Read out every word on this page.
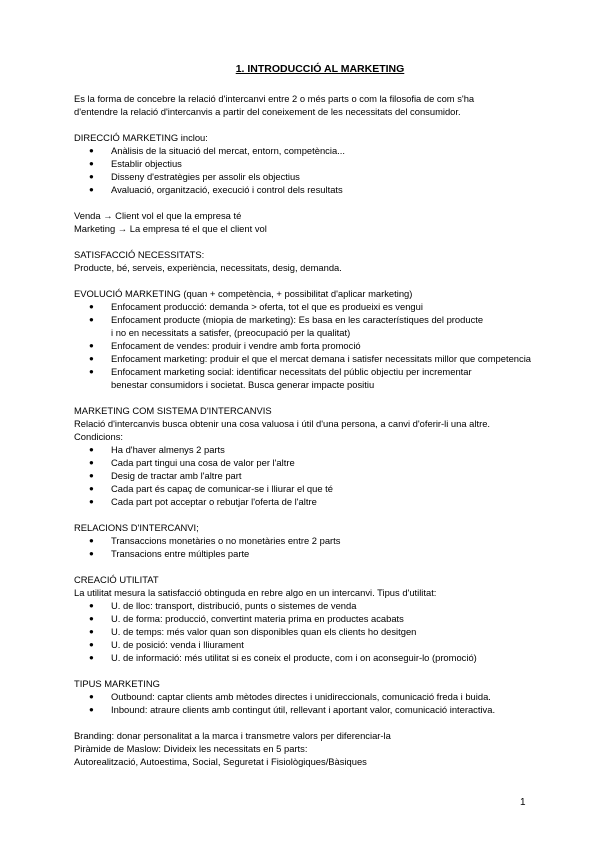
1. INTRODUCCIÓ AL MARKETING

Es la forma de concebre la relació d'intercanvi entre 2 o més parts o com la filosofia de com s'ha

d'entendre la relació d'intercanvis a partir del coneixement de les necessitats del consumidor.

DIRECCIÓ MARKETING inclou:

● Anàlisis de la situació del mercat, entorn, competència...
● Establir objectius
● Disseny d'estratègies per assolir els objectius
● Avaluació, organització, execució i control dels resultats

Venda → Client vol el que la empresa té

Marketing → La empresa té el que el client vol

SATISFACCIÓ NECESSITATS:

Producte, bé, serveis, experiència, necessitats, desig, demanda.

EVOLUCIÓ MARKETING (quan + competència, + possibilitat d'aplicar marketing)

● Enfocament producció: demanda > oferta, tot el que es produeixi es vengui
● Enfocament producte (miopia de marketing): Es basa en les característiques del producte
i no en necessitats a satisfer, (preocupació per la qualitat)
● Enfocament de vendes: produir i vendre amb forta promoció
● Enfocament marketing: produir el que el mercat demana i satisfer necessitats millor que competencia
● Enfocament marketing social: identificar necessitats del públic objectiu per incrementar
benestar consumidors i societat. Busca generar impacte positiu

MARKETING COM SISTEMA D'INTERCANVIS

Relació d'intercanvis busca obtenir una cosa valuosa i útil d'una persona, a canvi d'oferir-li una altre.

Condicions:

● Ha d'haver almenys 2 parts
● Cada part tingui una cosa de valor per l'altre
● Desig de tractar amb l'altre part
● Cada part és capaç de comunicar-se i lliurar el que té
● Cada part pot acceptar o rebutjar l'oferta de l'altre

RELACIONS D'INTERCANVI;

● Transaccions monetàries o no monetàries entre 2 parts
● Transacions entre múltiples parte

CREACIÓ UTILITAT

La utilitat mesura la satisfacció obtinguda en rebre algo en un intercanvi. Tipus d'utilitat:

● U. de lloc: transport, distribució, punts o sistemes de venda
● U. de forma: producció, convertint materia prima en productes acabats
● U. de temps: més valor quan son disponibles quan els clients ho desitgen
● U. de posició: venda i lliurament
● U. de informació: més utilitat si es coneix el producte, com i on aconseguir-lo (promoció)

TIPUS MARKETING

● Outbound: captar clients amb mètodes directes i unidireccionals, comunicació freda i buida.
● Inbound: atraure clients amb contingut útil, rellevant i aportant valor, comunicació interactiva.

Branding: donar personalitat a la marca i transmetre valors per diferenciar-la

Piràmide de Maslow: Divideix les necessitats en 5 parts:

Autorealització, Autoestima, Social, Seguretat i Fisiològiques/Bàsiques

1
